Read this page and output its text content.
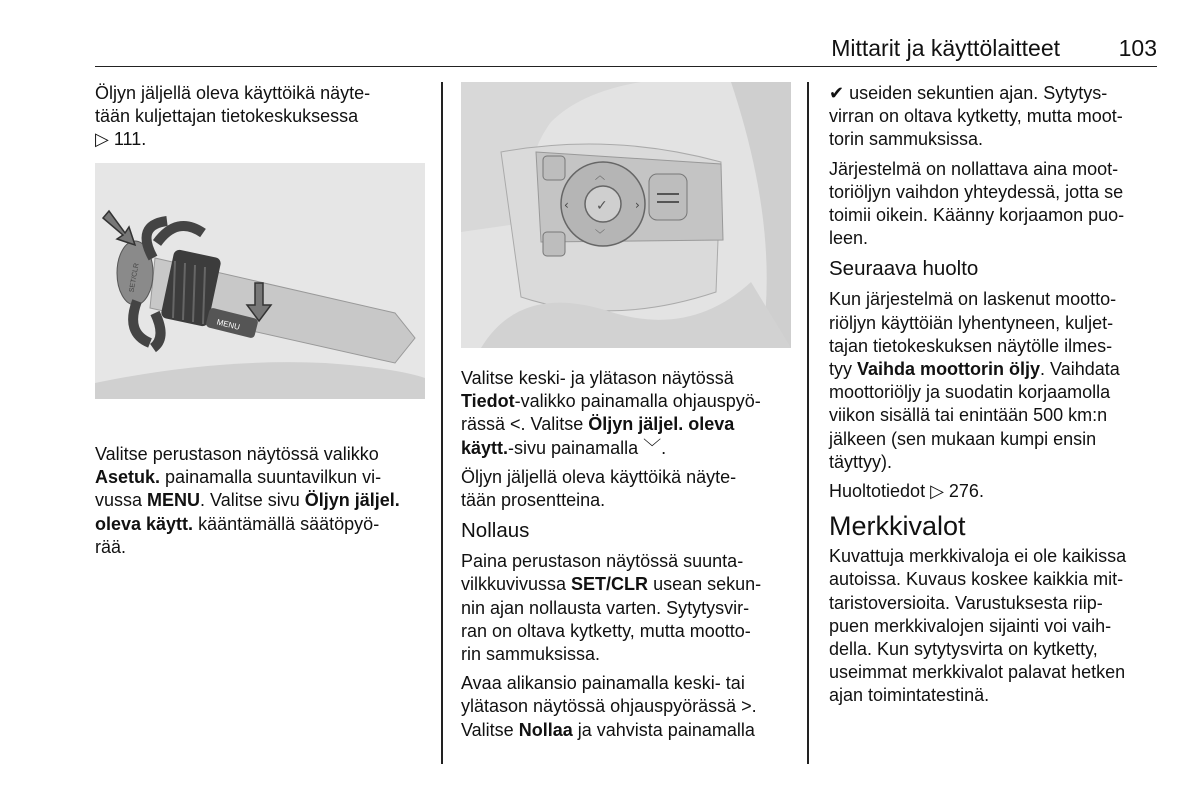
Mittarit ja käyttölaitteet	103

Öljyn jäljellä oleva käyttöikä näyte-
tään kuljettajan tietokeskuksessa
▷ 111.

MENU
SET/CLR

Valitse perustason näytössä valikko
Asetuk. painamalla suuntavilkun vi-
vussa MENU. Valitse sivu Öljyn jäljel.
oleva käytt. kääntämällä säätöpyö-
rää.

✓
︿
﹀
‹	›

Valitse keski- ja ylätason näytössä
Tiedot-valikko painamalla ohjauspyö-
rässä <. Valitse Öljyn jäljel. oleva
käytt.-sivu painamalla ﹀.

Öljyn jäljellä oleva käyttöikä näyte-
tään prosentteina.

Nollaus

Paina perustason näytössä suunta-
vilkkuvivussa SET/CLR usean sekun-
nin ajan nollausta varten. Sytytysvir-
ran on oltava kytketty, mutta mootto-
rin sammuksissa.

Avaa alikansio painamalla keski- tai
ylätason näytössä ohjauspyörässä >.
Valitse Nollaa ja vahvista painamalla

✔ useiden sekuntien ajan. Sytytys-
virran on oltava kytketty, mutta moot-
torin sammuksissa.

Järjestelmä on nollattava aina moot-
toriöljyn vaihdon yhteydessä, jotta se
toimii oikein. Käänny korjaamon puo-
leen.

Seuraava huolto

Kun järjestelmä on laskenut mootto-
riöljyn käyttöiän lyhentyneen, kuljet-
tajan tietokeskuksen näytölle ilmes-
tyy Vaihda moottorin öljy. Vaihdata
moottoriöljy ja suodatin korjaamolla
viikon sisällä tai enintään 500 km:n
jälkeen (sen mukaan kumpi ensin
täyttyy).

Huoltotiedot ▷ 276.

Merkkivalot

Kuvattuja merkkivaloja ei ole kaikissa
autoissa. Kuvaus koskee kaikkia mit-
taristoversioita. Varustuksesta riip-
puen merkkivalojen sijainti voi vaih-
della. Kun sytytysvirta on kytketty,
useimmat merkkivalot palavat hetken
ajan toimintatestinä.
